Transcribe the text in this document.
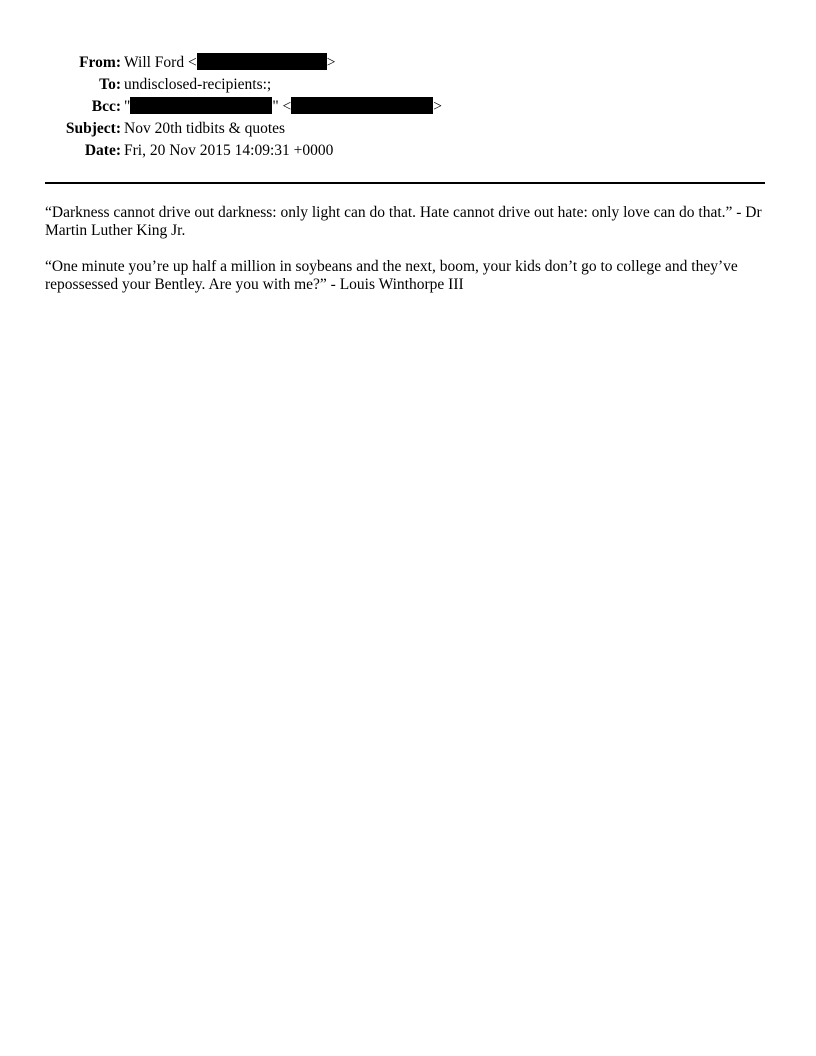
From: Will Ford <	>
To: undisclosed-recipients:;
Bcc: "	" <	>
Subject: Nov 20th tidbits & quotes
Date: Fri, 20 Nov 2015 14:09:31 +0000

“Darkness cannot drive out darkness: only light can do that. Hate cannot drive out hate: only love can do that.” - Dr Martin Luther King Jr.

“One minute you’re up half a million in soybeans and the next, boom, your kids don’t go to college and they’ve repossessed your Bentley. Are you with me?” - Louis Winthorpe III
